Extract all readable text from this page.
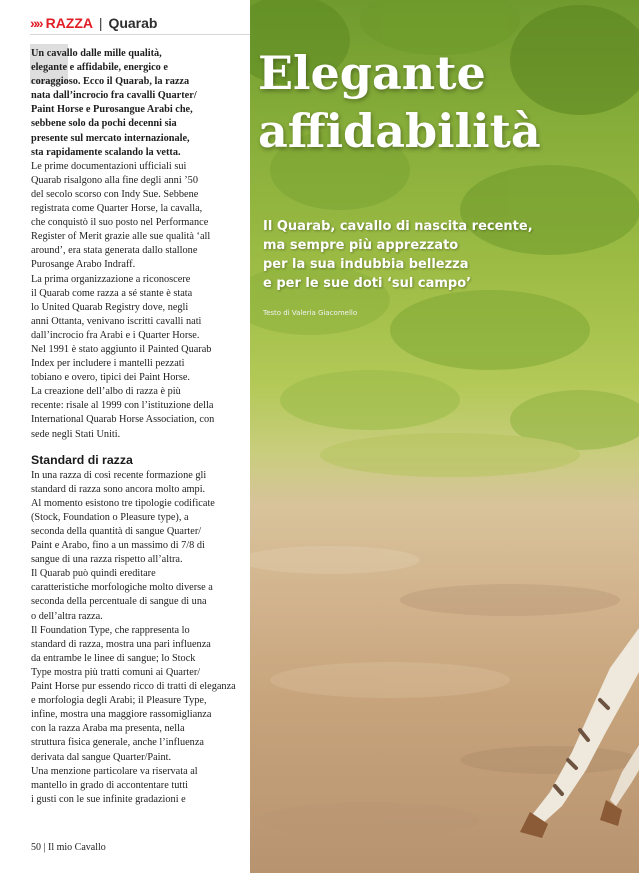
»» RAZZA | Quarab

Un cavallo dalle mille qualità,
elegante e affidabile, energico e
coraggioso. Ecco il Quarab, la razza
nata dall’incrocio fra cavalli Quarter/
Paint Horse e Purosangue Arabi che,
sebbene solo da pochi decenni sia
presente sul mercato internazionale,
sta rapidamente scalando la vetta.

Le prime documentazioni ufficiali sui
Quarab risalgono alla fine degli anni ’50
del secolo scorso con Indy Sue. Sebbene
registrata come Quarter Horse, la cavalla,
che conquistò il suo posto nel Performance
Register of Merit grazie alle sue qualità ‘all
around’, era stata generata dallo stallone
Purosange Arabo Indraff.
La prima organizzazione a riconoscere
il Quarab come razza a sé stante è stata
lo United Quarab Registry dove, negli
anni Ottanta, venivano iscritti cavalli nati
dall’incrocio fra Arabi e i Quarter Horse.
Nel 1991 è stato aggiunto il Painted Quarab
Index per includere i mantelli pezzati
tobiano e overo, tipici dei Paint Horse.
La creazione dell’albo di razza è più
recente: risale al 1999 con l’istituzione della
International Quarab Horse Association, con
sede negli Stati Uniti.

Standard di razza

In una razza di così recente formazione gli
standard di razza sono ancora molto ampi.
Al momento esistono tre tipologie codificate
(Stock, Foundation o Pleasure type), a
seconda della quantità di sangue Quarter/
Paint e Arabo, fino a un massimo di 7/8 di
sangue di una razza rispetto all’altra.
Il Quarab può quindi ereditare
caratteristiche morfologiche molto diverse a
seconda della percentuale di sangue di una
o dell’altra razza.
Il Foundation Type, che rappresenta lo
standard di razza, mostra una pari influenza
da entrambe le linee di sangue; lo Stock
Type mostra più tratti comuni ai Quarter/
Paint Horse pur essendo ricco di tratti di eleganza
e morfologia degli Arabi; il Pleasure Type,
infine, mostra una maggiore rassomiglianza
con la razza Araba ma presenta, nella
struttura fisica generale, anche l’influenza
derivata dal sangue Quarter/Paint.
Una menzione particolare va riservata al
mantello in grado di accontentare tutti
i gusti con le sue infinite gradazioni e

50 | Il mio Cavallo
Elegante
affidabilità

Il Quarab, cavallo di nascita recente,
ma sempre più apprezzato
per la sua indubbia bellezza
e per le sue doti ‘sul campo’

Testo di Valeria Giacomello
